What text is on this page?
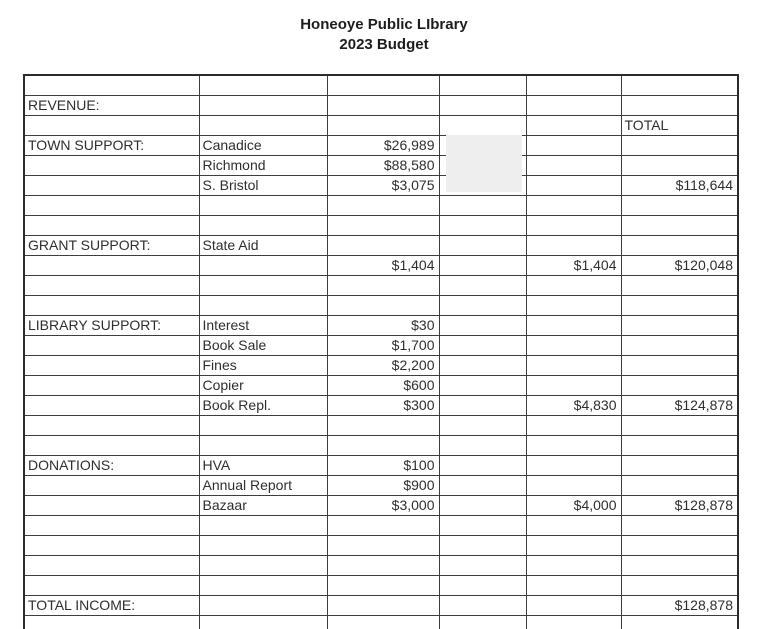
Honeoye Public LIbrary
2023 Budget

REVENUE:					
					TOTAL
TOWN SUPPORT:	Canadice	$26,989			
	Richmond	$88,580			
	S. Bristol	$3,075			$118,644

GRANT SUPPORT:	State Aid				
		$1,404		$1,404	$120,048

LIBRARY SUPPORT:	Interest	$30			
	Book Sale	$1,700			
	Fines	$2,200			
	Copier	$600			
	Book Repl.	$300		$4,830	$124,878

DONATIONS:	HVA	$100			
	Annual Report	$900			
	Bazaar	$3,000		$4,000	$128,878

TOTAL INCOME:					$128,878
